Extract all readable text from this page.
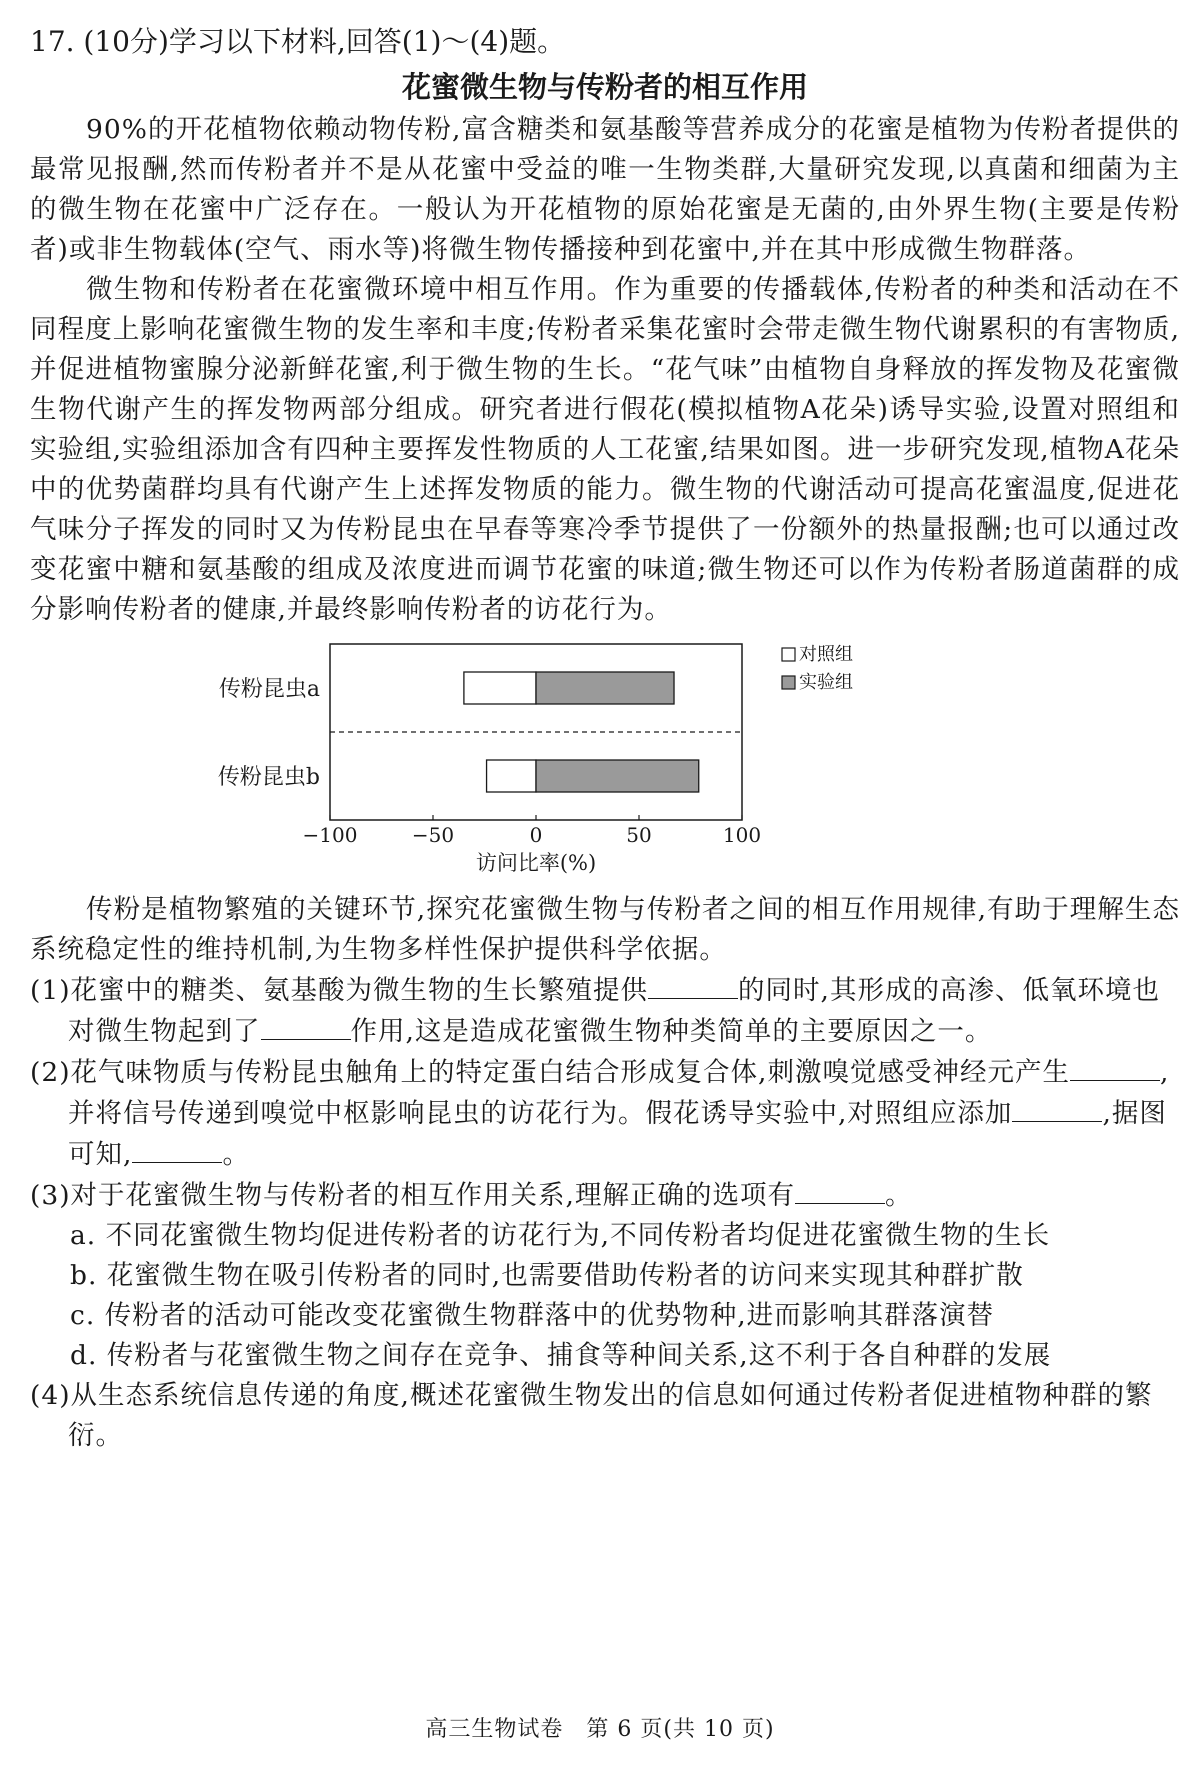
17. (10分)学习以下材料,回答(1)～(4)题。

花蜜微生物与传粉者的相互作用

90%的开花植物依赖动物传粉,富含糖类和氨基酸等营养成分的花蜜是植物为传粉者提供的最常见报酬,然而传粉者并不是从花蜜中受益的唯一生物类群,大量研究发现,以真菌和细菌为主的微生物在花蜜中广泛存在。一般认为开花植物的原始花蜜是无菌的,由外界生物(主要是传粉者)或非生物载体(空气、雨水等)将微生物传播接种到花蜜中,并在其中形成微生物群落。

微生物和传粉者在花蜜微环境中相互作用。作为重要的传播载体,传粉者的种类和活动在不同程度上影响花蜜微生物的发生率和丰度;传粉者采集花蜜时会带走微生物代谢累积的有害物质,并促进植物蜜腺分泌新鲜花蜜,利于微生物的生长。“花气味”由植物自身释放的挥发物及花蜜微生物代谢产生的挥发物两部分组成。研究者进行假花(模拟植物A花朵)诱导实验,设置对照组和实验组,实验组添加含有四种主要挥发性物质的人工花蜜,结果如图。进一步研究发现,植物A花朵中的优势菌群均具有代谢产生上述挥发物质的能力。微生物的代谢活动可提高花蜜温度,促进花气味分子挥发的同时又为传粉昆虫在早春等寒冷季节提供了一份额外的热量报酬;也可以通过改变花蜜中糖和氨基酸的组成及浓度进而调节花蜜的味道;微生物还可以作为传粉者肠道菌群的成分影响传粉者的健康,并最终影响传粉者的访花行为。

−100	−50	0	50	100
传粉昆虫a
传粉昆虫b
访问比率(%)
对照组
实验组

传粉是植物繁殖的关键环节,探究花蜜微生物与传粉者之间的相互作用规律,有助于理解生态系统稳定性的维持机制,为生物多样性保护提供科学依据。

(1)花蜜中的糖类、氨基酸为微生物的生长繁殖提供	的同时,其形成的高渗、低氧环境也对微生物起到了	作用,这是造成花蜜微生物种类简单的主要原因之一。

(2)花气味物质与传粉昆虫触角上的特定蛋白结合形成复合体,刺激嗅觉感受神经元产生	,并将信号传递到嗅觉中枢影响昆虫的访花行为。假花诱导实验中,对照组应添加	,据图可知,	。

(3)对于花蜜微生物与传粉者的相互作用关系,理解正确的选项有	。

a. 不同花蜜微生物均促进传粉者的访花行为,不同传粉者均促进花蜜微生物的生长

b. 花蜜微生物在吸引传粉者的同时,也需要借助传粉者的访问来实现其种群扩散

c. 传粉者的活动可能改变花蜜微生物群落中的优势物种,进而影响其群落演替

d. 传粉者与花蜜微生物之间存在竞争、捕食等种间关系,这不利于各自种群的发展

(4)从生态系统信息传递的角度,概述花蜜微生物发出的信息如何通过传粉者促进植物种群的繁衍。

高三生物试卷　第 6 页(共 10 页)
